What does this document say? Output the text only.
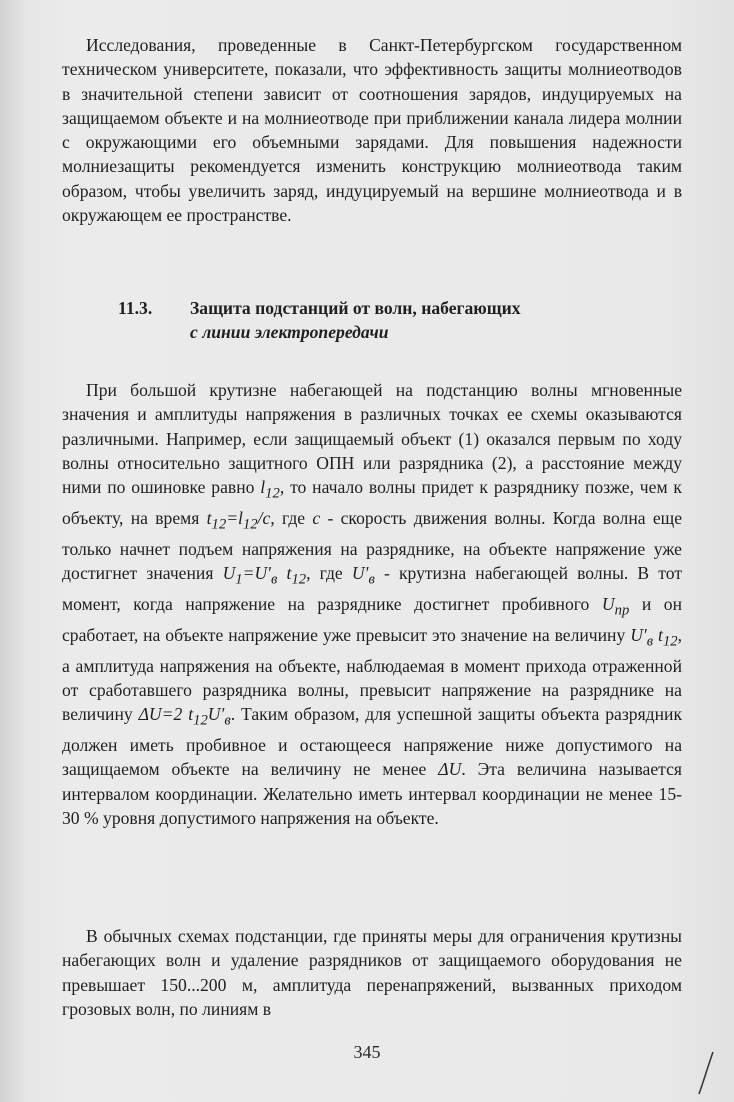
Исследования, проведенные в Санкт-Петербургском государственном техническом университете, показали, что эффективность защиты молниеотводов в значительной степени зависит от соотношения зарядов, индуцируемых на защищаемом объекте и на молниеотводе при приближении канала лидера молнии с окружающими его объемными зарядами. Для повышения надежности молниезащиты рекомендуется изменить конструкцию молниеотвода таким образом, чтобы увеличить заряд, индуцируемый на вершине молниеотвода и в окружающем ее пространстве.

11.3. Защита подстанций от волн, набегающих
с линии электропередачи

При большой крутизне набегающей на подстанцию волны мгновенные значения и амплитуды напряжения в различных точках ее схемы оказываются различными. Например, если защищаемый объект (1) оказался первым по ходу волны относительно защитного ОПН или разрядника (2), а расстояние между ними по ошиновке равно $l_{12}$, то начало волны придет к разряднику позже, чем к объекту, на время $t_{12}=l_{12}/c$, где c - скорость движения волны. Когда волна еще только начнет подъем напряжения на разряднике, на объекте напряжение уже достигнет значения $U_1=U'_в$ $t_{12}$, где $U'_в$ - крутизна набегающей волны. В тот момент, когда напряжение на разряднике достигнет пробивного $U_{пр}$ и он сработает, на объекте напряжение уже превысит это значение на величину $U'_в$ $t_{12}$, а амплитуда напряжения на объекте, наблюдаемая в момент прихода отраженной от сработавшего разрядника волны, превысит напряжение на разряднике на величину ΔU=2 $t_{12}U'_в$. Таким образом, для успешной защиты объекта разрядник должен иметь пробивное и остающееся напряжение ниже допустимого на защищаемом объекте на величину не менее ΔU. Эта величина называется интервалом координации. Желательно иметь интервал координации не менее 15-30 % уровня допустимого напряжения на объекте.

В обычных схемах подстанции, где приняты меры для ограничения крутизны набегающих волн и удаление разрядников от защищаемого оборудования не превышает 150...200 м, амплитуда перенапряжений, вызванных приходом грозовых волн, по линиям в

345
